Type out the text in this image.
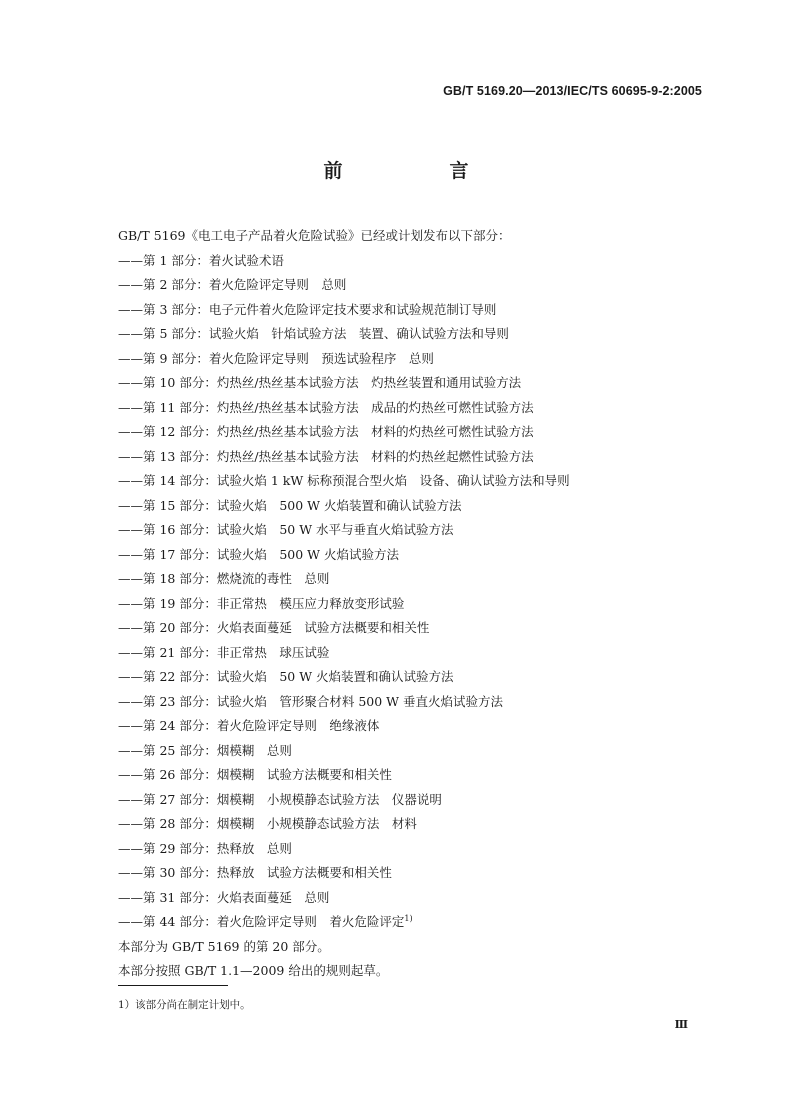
GB/T 5169.20—2013/IEC/TS 60695-9-2:2005
前　言
GB/T 5169《电工电子产品着火危险试验》已经或计划发布以下部分：
——第 1 部分：着火试验术语
——第 2 部分：着火危险评定导则　总则
——第 3 部分：电子元件着火危险评定技术要求和试验规范制订导则
——第 5 部分：试验火焰　针焰试验方法　装置、确认试验方法和导则
——第 9 部分：着火危险评定导则　预选试验程序　总则
——第 10 部分：灼热丝/热丝基本试验方法　灼热丝装置和通用试验方法
——第 11 部分：灼热丝/热丝基本试验方法　成品的灼热丝可燃性试验方法
——第 12 部分：灼热丝/热丝基本试验方法　材料的灼热丝可燃性试验方法
——第 13 部分：灼热丝/热丝基本试验方法　材料的灼热丝起燃性试验方法
——第 14 部分：试验火焰 1 kW 标称预混合型火焰　设备、确认试验方法和导则
——第 15 部分：试验火焰　500 W 火焰装置和确认试验方法
——第 16 部分：试验火焰　50 W 水平与垂直火焰试验方法
——第 17 部分：试验火焰　500 W 火焰试验方法
——第 18 部分：燃烧流的毒性　总则
——第 19 部分：非正常热　模压应力释放变形试验
——第 20 部分：火焰表面蔓延　试验方法概要和相关性
——第 21 部分：非正常热　球压试验
——第 22 部分：试验火焰　50 W 火焰装置和确认试验方法
——第 23 部分：试验火焰　管形聚合材料 500 W 垂直火焰试验方法
——第 24 部分：着火危险评定导则　绝缘液体
——第 25 部分：烟模糊　总则
——第 26 部分：烟模糊　试验方法概要和相关性
——第 27 部分：烟模糊　小规模静态试验方法　仪器说明
——第 28 部分：烟模糊　小规模静态试验方法　材料
——第 29 部分：热释放　总则
——第 30 部分：热释放　试验方法概要和相关性
——第 31 部分：火焰表面蔓延　总则
——第 44 部分：着火危险评定导则　着火危险评定$^{1)}$
本部分为 GB/T 5169 的第 20 部分。
本部分按照 GB/T 1.1—2009 给出的规则起草。
1）该部分尚在制定计划中。
Ⅲ
